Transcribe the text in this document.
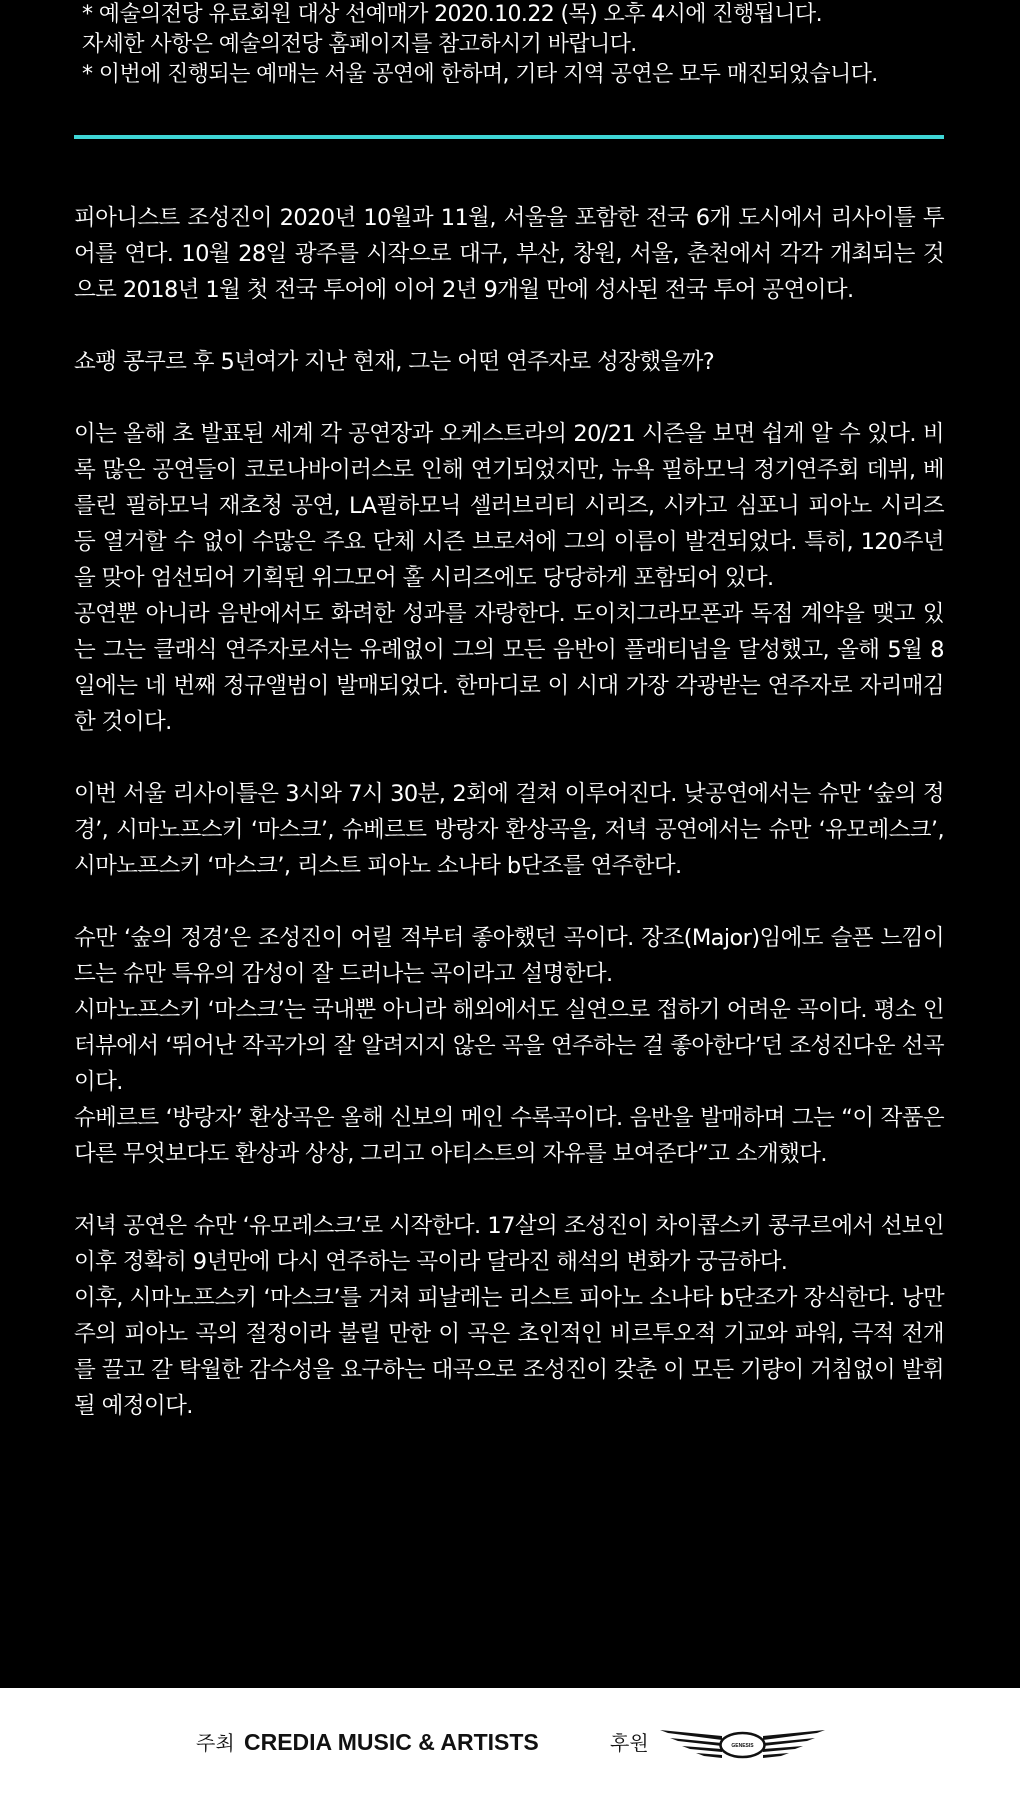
* 예술의전당 유료회원 대상 선예매가 2020.10.22 (목) 오후 4시에 진행됩니다.
자세한 사항은 예술의전당 홈페이지를 참고하시기 바랍니다.
* 이번에 진행되는 예매는 서울 공연에 한하며, 기타 지역 공연은 모두 매진되었습니다.

피아니스트 조성진이 2020년 10월과 11월, 서울을 포함한 전국 6개 도시에서 리사이틀 투어를 연다. 10월 28일 광주를 시작으로 대구, 부산, 창원, 서울, 춘천에서 각각 개최되는 것으로 2018년 1월 첫 전국 투어에 이어 2년 9개월 만에 성사된 전국 투어 공연이다.

쇼팽 콩쿠르 후 5년여가 지난 현재, 그는 어떤 연주자로 성장했을까?

이는 올해 초 발표된 세계 각 공연장과 오케스트라의 20/21 시즌을 보면 쉽게 알 수 있다. 비록 많은 공연들이 코로나바이러스로 인해 연기되었지만, 뉴욕 필하모닉 정기연주회 데뷔, 베를린 필하모닉 재초청 공연, LA필하모닉 셀러브리티 시리즈, 시카고 심포니 피아노 시리즈 등 열거할 수 없이 수많은 주요 단체 시즌 브로셔에 그의 이름이 발견되었다. 특히, 120주년을 맞아 엄선되어 기획된 위그모어 홀 시리즈에도 당당하게 포함되어 있다.

공연뿐 아니라 음반에서도 화려한 성과를 자랑한다. 도이치그라모폰과 독점 계약을 맺고 있는 그는 클래식 연주자로서는 유례없이 그의 모든 음반이 플래티넘을 달성했고, 올해 5월 8일에는 네 번째 정규앨범이 발매되었다. 한마디로 이 시대 가장 각광받는 연주자로 자리매김한 것이다.

이번 서울 리사이틀은 3시와 7시 30분, 2회에 걸쳐 이루어진다. 낮공연에서는 슈만 ‘숲의 정경’, 시마노프스키 ‘마스크’, 슈베르트 방랑자 환상곡을, 저녁 공연에서는 슈만 ‘유모레스크’, 시마노프스키 ‘마스크’, 리스트 피아노 소나타 b단조를 연주한다.

슈만 ‘숲의 정경’은 조성진이 어릴 적부터 좋아했던 곡이다. 장조(Major)임에도 슬픈 느낌이 드는 슈만 특유의 감성이 잘 드러나는 곡이라고 설명한다.

시마노프스키 ‘마스크’는 국내뿐 아니라 해외에서도 실연으로 접하기 어려운 곡이다. 평소 인터뷰에서 ‘뛰어난 작곡가의 잘 알려지지 않은 곡을 연주하는 걸 좋아한다’던 조성진다운 선곡이다.

슈베르트 ‘방랑자’ 환상곡은 올해 신보의 메인 수록곡이다. 음반을 발매하며 그는 “이 작품은 다른 무엇보다도 환상과 상상, 그리고 아티스트의 자유를 보여준다”고 소개했다.

저녁 공연은 슈만 ‘유모레스크’로 시작한다. 17살의 조성진이 차이콥스키 콩쿠르에서 선보인 이후 정확히 9년만에 다시 연주하는 곡이라 달라진 해석의 변화가 궁금하다.

이후, 시마노프스키 ‘마스크’를 거쳐 피날레는 리스트 피아노 소나타 b단조가 장식한다. 낭만주의 피아노 곡의 절정이라 불릴 만한 이 곡은 초인적인 비르투오적 기교와 파워, 극적 전개를 끌고 갈 탁월한 감수성을 요구하는 대곡으로 조성진이 갖춘 이 모든 기량이 거침없이 발휘될 예정이다.

주최 CREDIA MUSIC & ARTISTS	후원	GENESIS
